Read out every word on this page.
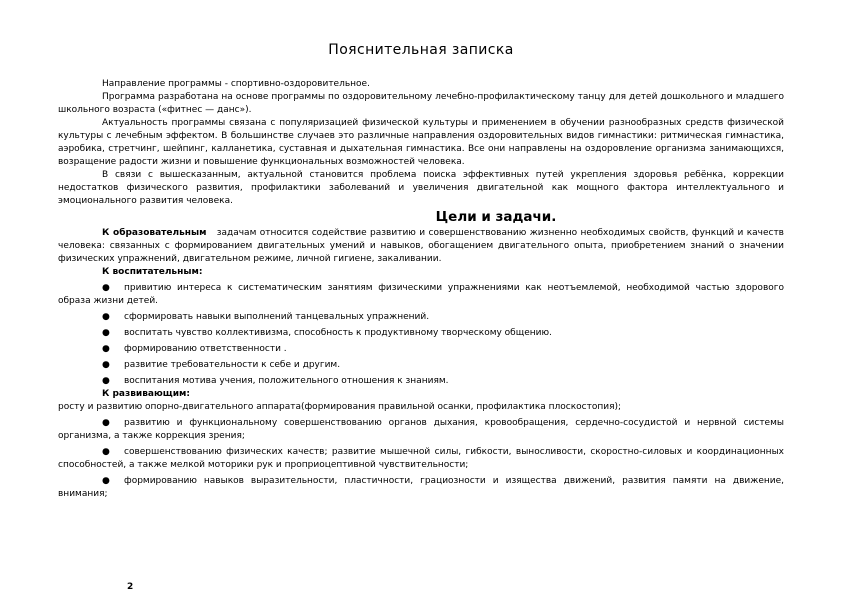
Пояснительная записка

Направление программы - спортивно-оздоровительное.

Программа разработана на основе программы по оздоровительному лечебно-профилактическому танцу для детей дошкольного и младшего школьного возраста («фитнес — данс»).

Актуальность программы связана с популяризацией физической культуры и применением в обучении разнообразных средств физической культуры с лечебным эффектом. В большинстве случаев это различные направления оздоровительных видов гимнастики: ритмическая гимнастика, аэробика, стретчинг, шейпинг, калланетика, суставная и дыхательная гимнастика. Все они направлены на оздоровление организма занимающихся, возращение радости жизни и повышение функциональных возможностей человека.

В связи с вышесказанным, актуальной становится проблема поиска эффективных путей укрепления здоровья ребёнка, коррекции недостатков физического развития, профилактики заболеваний и увеличения двигательной как мощного фактора интеллектуального и эмоционального развития человека.

Цели и задачи.

К образовательным задачам относится содействие развитию и совершенствованию жизненно необходимых свойств, функций и качеств человека: связанных с формированием двигательных умений и навыков, обогащением двигательного опыта, приобретением знаний о значении физических упражнений, двигательном режиме, личной гигиене, закаливании.

К воспитательным:

● привитию интереса к систематическим занятиям физическими упражнениями как неотъемлемой, необходимой частью здорового образа жизни детей.
●	сформировать навыки выполнений танцевальных упражнений.
●	воспитать чувство коллективизма, способность к продуктивному творческому общению.
●	формированию ответственности .
●	развитие требовательности к себе и другим.
●	воспитания мотива учения, положительного отношения к знаниям.

К развивающим:

росту и развитию опорно-двигательного аппарата(формирования правильной осанки, профилактика плоскостопия);

● развитию и функциональному совершенствованию органов дыхания, кровообращения, сердечно-сосудистой и нервной системы организма, а также коррекция зрения;
● совершенствованию физических качеств; развитие мышечной силы, гибкости, выносливости, скоростно-силовых и координационных способностей, а также мелкой моторики рук и проприоцептивной чувствительности;
● формированию навыков выразительности, пластичности, грациозности и изящества движений, развития памяти на движение, внимания;
2
